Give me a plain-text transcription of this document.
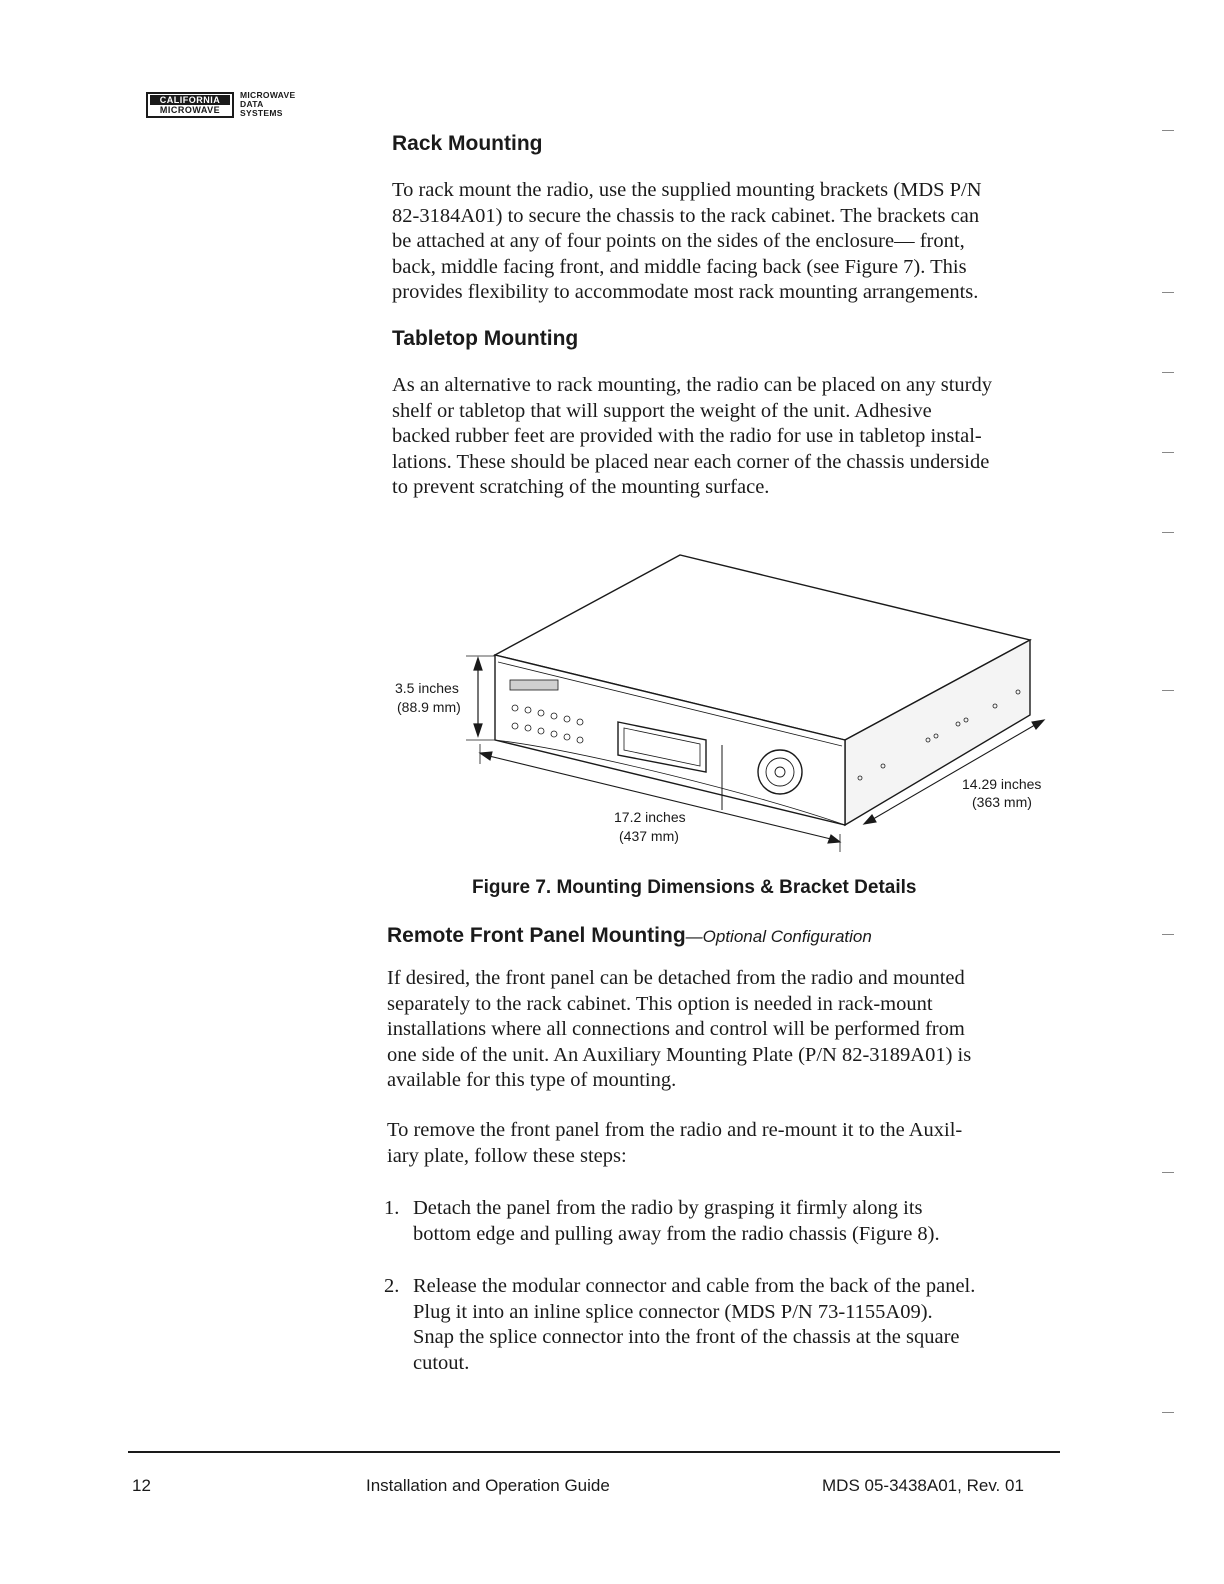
CALIFORNIA
MICROWAVE
MICROWAVE
DATA
SYSTEMS
Rack Mounting
To rack mount the radio, use the supplied mounting brackets (MDS P/N
82-3184A01) to secure the chassis to the rack cabinet. The brackets can
be attached at any of four points on the sides of the enclosure— front,
back, middle facing front, and middle facing back (see Figure 7). This
provides flexibility to accommodate most rack mounting arrangements.
Tabletop Mounting
As an alternative to rack mounting, the radio can be placed on any sturdy
shelf or tabletop that will support the weight of the unit. Adhesive
backed rubber feet are provided with the radio for use in tabletop instal-
lations. These should be placed near each corner of the chassis underside
to prevent scratching of the mounting surface.
3.5 inches
(88.9 mm)
17.2 inches
(437 mm)
14.29 inches
(363 mm)
Figure 7. Mounting Dimensions & Bracket Details
Remote Front Panel Mounting—Optional Configuration
If desired, the front panel can be detached from the radio and mounted
separately to the rack cabinet. This option is needed in rack-mount
installations where all connections and control will be performed from
one side of the unit. An Auxiliary Mounting Plate (P/N 82-3189A01) is
available for this type of mounting.
To remove the front panel from the radio and re-mount it to the Auxil-
iary plate, follow these steps:
1. Detach the panel from the radio by grasping it firmly along its
bottom edge and pulling away from the radio chassis (Figure 8).
2. Release the modular connector and cable from the back of the panel.
Plug it into an inline splice connector (MDS P/N 73-1155A09).
Snap the splice connector into the front of the chassis at the square
cutout.
12	Installation and Operation Guide	MDS 05-3438A01, Rev. 01
